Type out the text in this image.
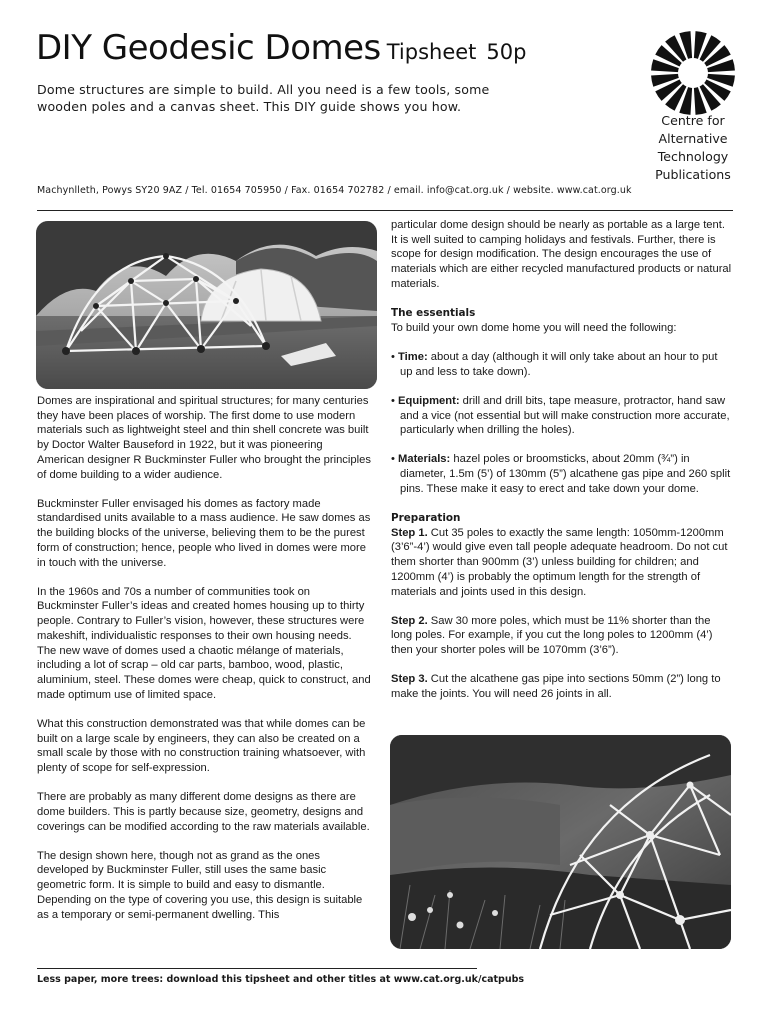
DIY Geodesic Domes Tipsheet 50p
Dome structures are simple to build. All you need is a few tools, some wooden poles and a canvas sheet. This DIY guide shows you how.
Centre for
Alternative
Technology
Publications
Machynlleth, Powys SY20 9AZ / Tel. 01654 705950 / Fax. 01654 702782 / email. info@cat.org.uk / website. www.cat.org.uk

Domes are inspirational and spiritual structures; for many centuries they have been places of worship. The first dome to use modern materials such as lightweight steel and thin shell concrete was built by Doctor Walter Bauseford in 1922, but it was pioneering American designer R Buckminster Fuller who brought the principles of dome building to a wider audience.

Buckminster Fuller envisaged his domes as factory made standardised units available to a mass audience. He saw domes as the building blocks of the universe, believing them to be the purest form of construction; hence, people who lived in domes were more in touch with the universe.

In the 1960s and 70s a number of communities took on Buckminster Fuller’s ideas and created homes housing up to thirty people. Contrary to Fuller’s vision, however, these structures were makeshift, individualistic responses to their own housing needs. The new wave of domes used a chaotic mélange of materials, including a lot of scrap – old car parts, bamboo, wood, plastic, aluminium, steel. These domes were cheap, quick to construct, and made optimum use of limited space.

What this construction demonstrated was that while domes can be built on a large scale by engineers, they can also be created on a small scale by those with no construction training whatsoever, with plenty of scope for self-expression.

There are probably as many different dome designs as there are dome builders. This is partly because size, geometry, designs and coverings can be modified according to the raw materials available.

The design shown here, though not as grand as the ones developed by Buckminster Fuller, still uses the same basic geometric form. It is simple to build and easy to dismantle. Depending on the type of covering you use, this design is suitable as a temporary or semi-permanent dwelling. This

particular dome design should be nearly as portable as a large tent. It is well suited to camping holidays and festivals. Further, there is scope for design modification. The design encourages the use of materials which are either recycled manufactured products or natural materials.

The essentials

To build your own dome home you will need the following:

• Time: about a day (although it will only take about an hour to put up and less to take down).

• Equipment: drill and drill bits, tape measure, protractor, hand saw and a vice (not essential but will make construction more accurate, particularly when drilling the holes).

• Materials: hazel poles or broomsticks, about 20mm (¾”) in diameter, 1.5m (5’) of 130mm (5”) alcathene gas pipe and 260 split pins. These make it easy to erect and take down your dome.

Preparation

Step 1. Cut 35 poles to exactly the same length: 1050mm-1200mm (3’6”-4’) would give even tall people adequate headroom. Do not cut them shorter than 900mm (3’) unless building for children; and 1200mm (4’) is probably the optimum length for the strength of materials and joints used in this design.

Step 2. Saw 30 more poles, which must be 11% shorter than the long poles. For example, if you cut the long poles to 1200mm (4’) then your shorter poles will be 1070mm (3’6”).

Step 3. Cut the alcathene gas pipe into sections 50mm (2”) long to make the joints. You will need 26 joints in all.

Less paper, more trees: download this tipsheet and other titles at www.cat.org.uk/catpubs
